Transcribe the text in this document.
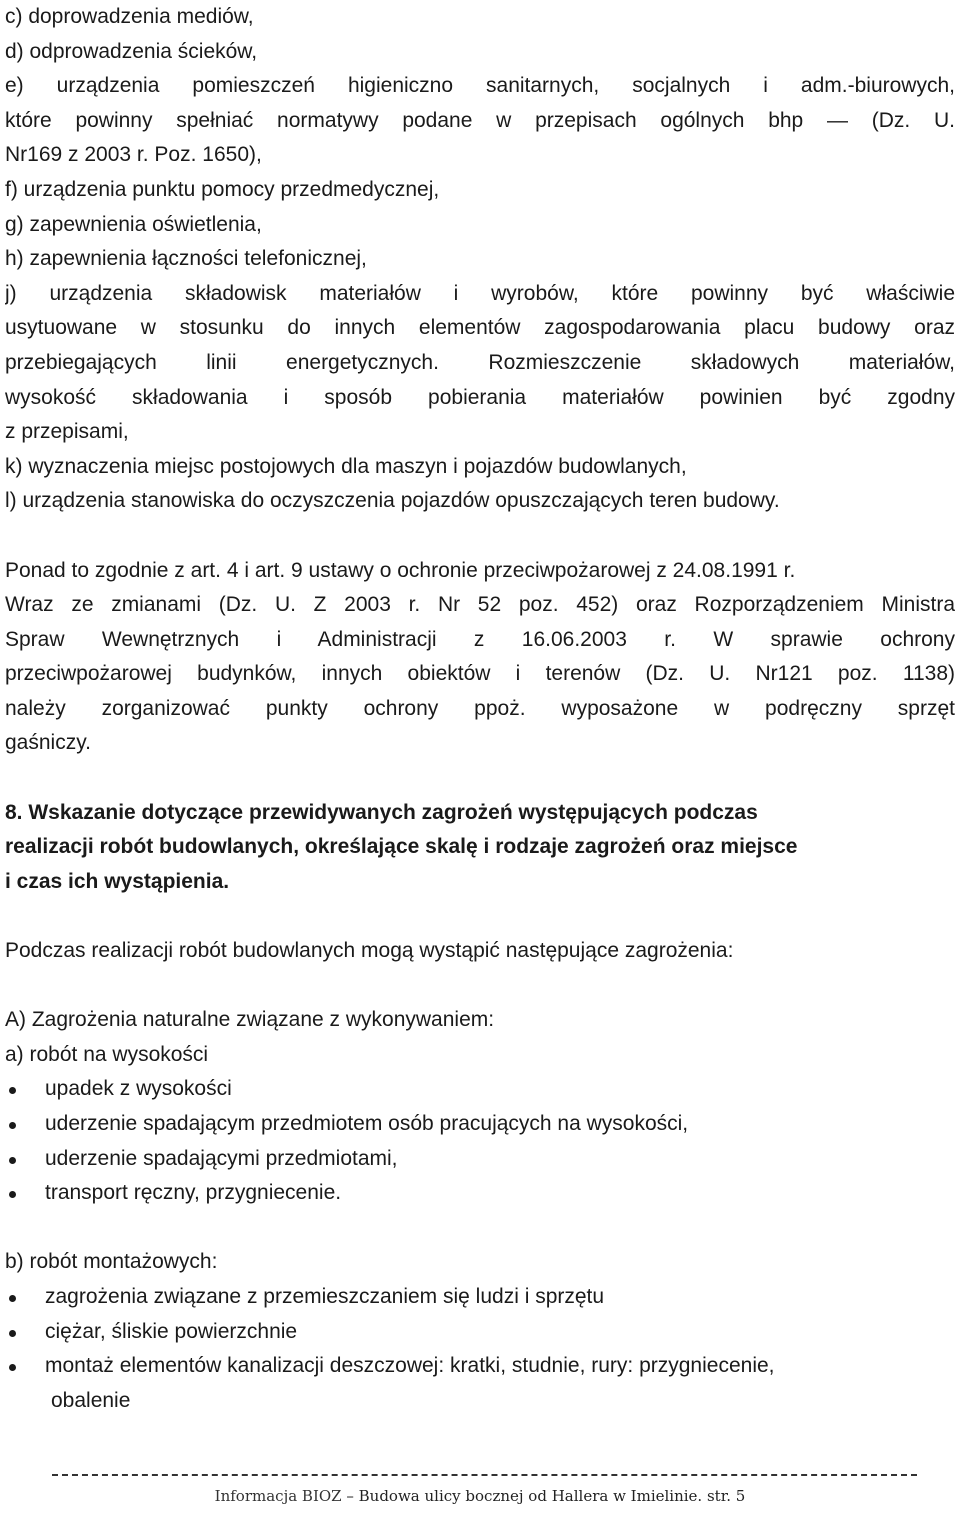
c) doprowadzenia mediów,
d) odprowadzenia ścieków,
e) urządzenia pomieszczeń higieniczno sanitarnych, socjalnych i adm.-biurowych,
które powinny spełniać normatywy podane w przepisach ogólnych bhp — (Dz. U.
Nr169 z 2003 r. Poz. 1650),
f) urządzenia punktu pomocy przedmedycznej,
g) zapewnienia oświetlenia,
h) zapewnienia łączności telefonicznej,
j) urządzenia składowisk materiałów i wyrobów, które powinny być właściwie
usytuowane w stosunku do innych elementów zagospodarowania placu budowy oraz
przebiegających linii energetycznych. Rozmieszczenie składowych materiałów,
wysokość składowania i sposób pobierania materiałów powinien być zgodny
z przepisami,
k) wyznaczenia miejsc postojowych dla maszyn i pojazdów budowlanych,
l) urządzenia stanowiska do oczyszczenia pojazdów opuszczających teren budowy.
Ponad to zgodnie z art. 4 i art. 9 ustawy o ochronie przeciwpożarowej z 24.08.1991 r.
Wraz ze zmianami (Dz. U. Z 2003 r. Nr 52 poz. 452) oraz Rozporządzeniem Ministra
Spraw Wewnętrznych i Administracji z 16.06.2003 r. W sprawie ochrony
przeciwpożarowej budynków, innych obiektów i terenów (Dz. U. Nr121 poz. 1138)
należy zorganizować punkty ochrony ppoż. wyposażone w podręczny sprzęt
gaśniczy.
8. Wskazanie dotyczące przewidywanych zagrożeń występujących podczas
realizacji robót budowlanych, określające skalę i rodzaje zagrożeń oraz miejsce
i czas ich wystąpienia.
Podczas realizacji robót budowlanych mogą wystąpić następujące zagrożenia:
A) Zagrożenia naturalne związane z wykonywaniem:
a) robót na wysokości
upadek z wysokości
uderzenie spadającym przedmiotem osób pracujących na wysokości,
uderzenie spadającymi przedmiotami,
transport ręczny, przygniecenie.
b) robót montażowych:
zagrożenia związane z przemieszczaniem się ludzi i sprzętu
ciężar, śliskie powierzchnie
montaż elementów kanalizacji deszczowej: kratki, studnie, rury: przygniecenie,
obalenie
Informacja BIOZ – Budowa ulicy bocznej od Hallera w Imielinie. str. 5
